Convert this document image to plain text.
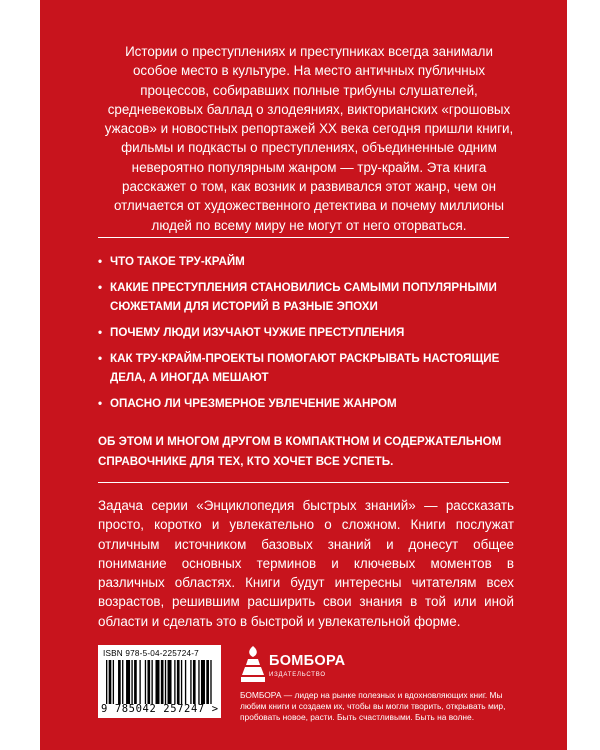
Истории о преступлениях и преступниках всегда занимали особое место в культуре. На место античных публичных процессов, собиравших полные трибуны слушателей, средневековых баллад о злодеяниях, викторианских «грошовых ужасов» и новостных репортажей XX века сегодня пришли книги, фильмы и подкасты о преступлениях, объединенные одним невероятно популярным жанром — тру-крайм. Эта книга расскажет о том, как возник и развивался этот жанр, чем он отличается от художественного детектива и почему миллионы людей по всему миру не могут от него оторваться.
• ЧТО ТАКОЕ ТРУ-КРАЙМ
• КАКИЕ ПРЕСТУПЛЕНИЯ СТАНОВИЛИСЬ САМЫМИ ПОПУЛЯРНЫМИ СЮЖЕТАМИ ДЛЯ ИСТОРИЙ В РАЗНЫЕ ЭПОХИ
• ПОЧЕМУ ЛЮДИ ИЗУЧАЮТ ЧУЖИЕ ПРЕСТУПЛЕНИЯ
• КАК ТРУ-КРАЙМ-ПРОЕКТЫ ПОМОГАЮТ РАСКРЫВАТЬ НАСТОЯЩИЕ ДЕЛА, А ИНОГДА МЕШАЮТ
• ОПАСНО ЛИ ЧРЕЗМЕРНОЕ УВЛЕЧЕНИЕ ЖАНРОМ
ОБ ЭТОМ И МНОГОМ ДРУГОМ В КОМПАКТНОМ И СОДЕРЖАТЕЛЬНОМ СПРАВОЧНИКЕ ДЛЯ ТЕХ, КТО ХОЧЕТ ВСЕ УСПЕТЬ.
Задача серии «Энциклопедия быстрых знаний» — рассказать просто, коротко и увлекательно о сложном. Книги послужат отличным источником базовых знаний и донесут общее понимание основных терминов и ключевых моментов в различных областях. Книги будут интересны читателям всех возрастов, решившим расширить свои знания в той или иной области и сделать это в быстрой и увлекательной форме.
ISBN 978-5-04-225724-7
9 785042 257247 >
БОМБОРА
ИЗДАТЕЛЬСТВО
БОМБОРА — лидер на рынке полезных и вдохновляющих книг. Мы любим книги и создаем их, чтобы вы могли творить, открывать мир, пробовать новое, расти. Быть счастливыми. Быть на волне.
